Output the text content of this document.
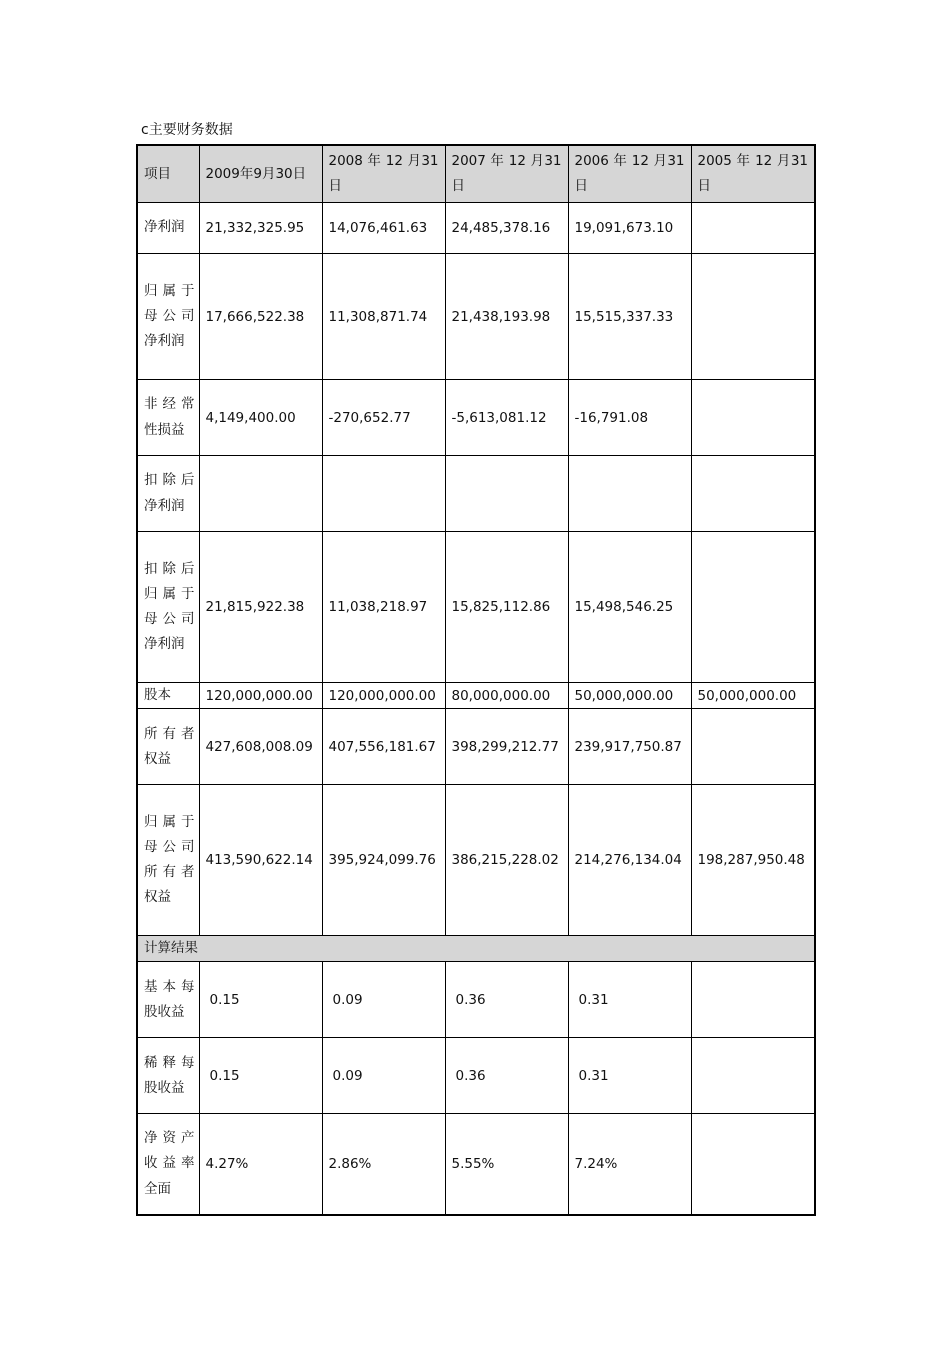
c主要财务数据
项目	2009年9月30日	2008 年 12 月31 日	2007 年 12 月31 日	2006 年 12 月31 日	2005 年 12 月31 日

净利润	21,332,325.95	14,076,461.63	24,485,378.16	19,091,673.10	

归属于母公司净利润	17,666,522.38	11,308,871.74	21,438,193.98	15,515,337.33	

非经常性损益	4,149,400.00	-270,652.77	-5,613,081.12	-16,791.08	

扣除后净利润					

扣除后归属于母公司净利润	21,815,922.38	11,038,218.97	15,825,112.86	15,498,546.25	

股本	120,000,000.00	120,000,000.00	80,000,000.00	50,000,000.00	50,000,000.00

所有者权益	427,608,008.09	407,556,181.67	398,299,212.77	239,917,750.87	

归属于母公司所有者权益	413,590,622.14	395,924,099.76	386,215,228.02	214,276,134.04	198,287,950.48
计算结果					

基本每股收益	0.15	0.09	0.36	0.31	

稀释每股收益	0.15	0.09	0.36	0.31	

净资产收益率全面	4.27%	2.86%	5.55%	7.24%	
